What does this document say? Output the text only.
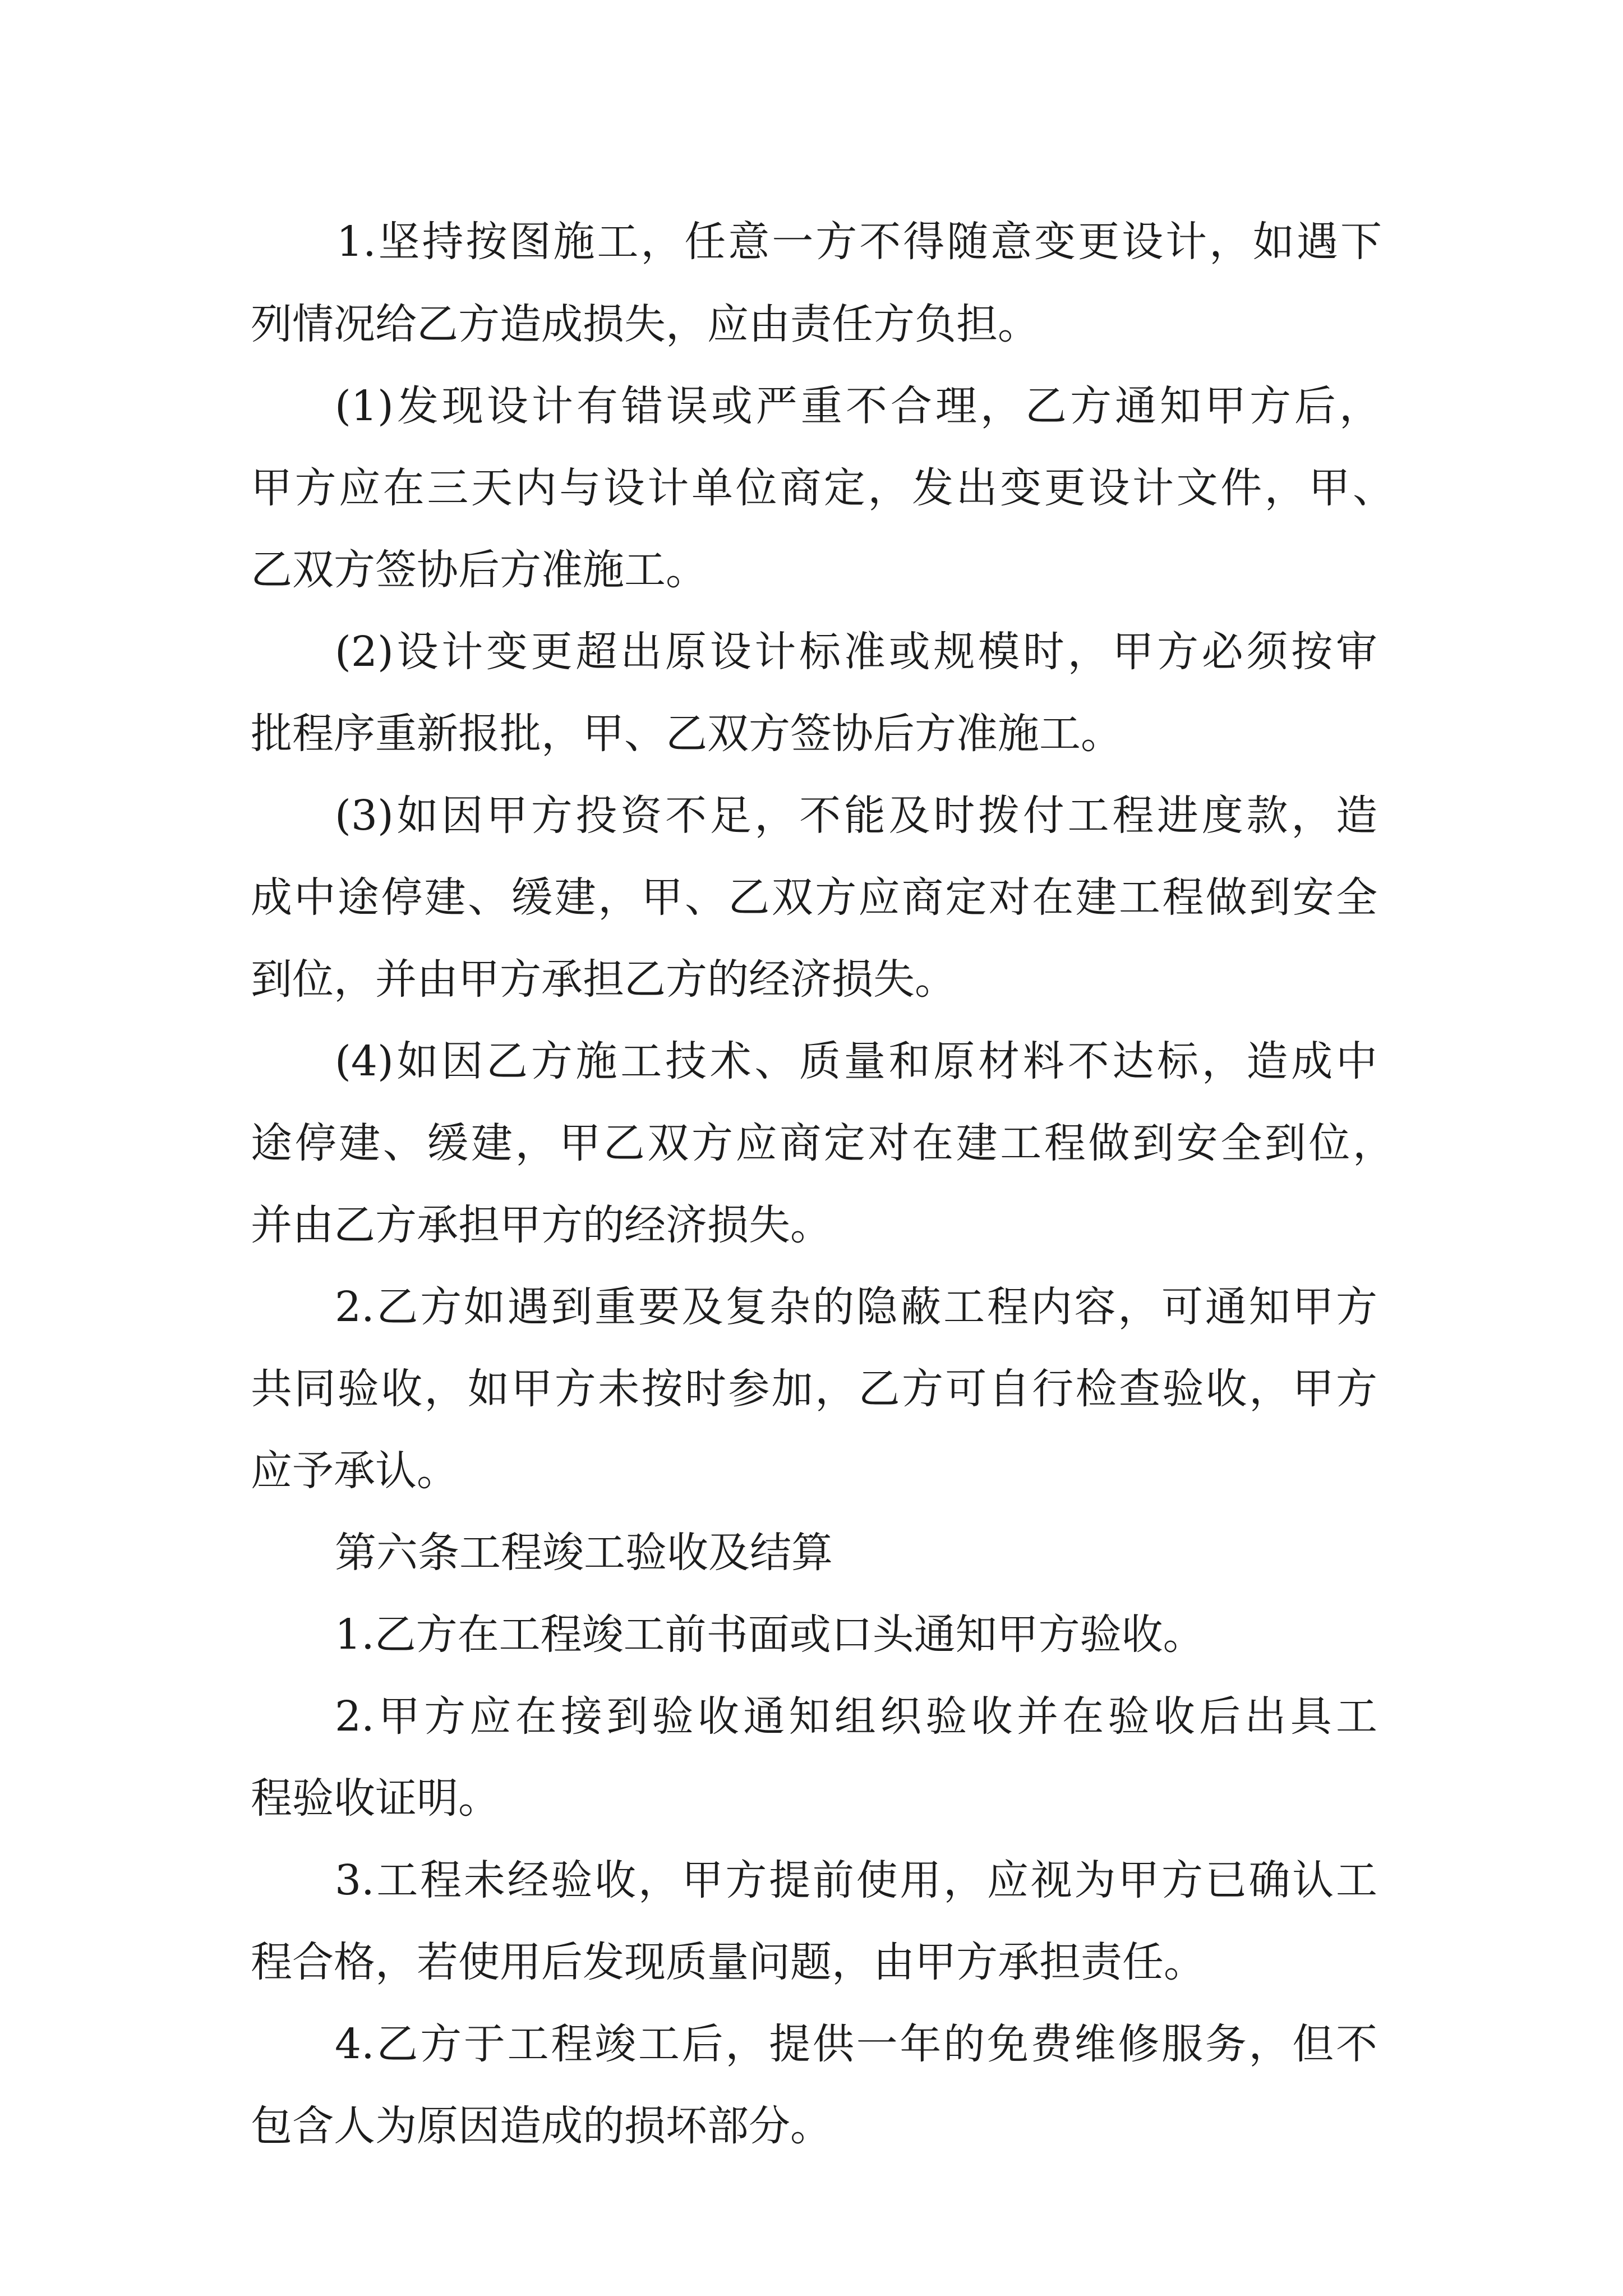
1.坚持按图施工，任意一方不得随意变更设计，如遇下
列情况给乙方造成损失，应由责任方负担。
(1)发现设计有错误或严重不合理，乙方通知甲方后，
甲方应在三天内与设计单位商定，发出变更设计文件，甲、
乙双方签协后方准施工。
(2)设计变更超出原设计标准或规模时，甲方必须按审
批程序重新报批，甲、乙双方签协后方准施工。
(3)如因甲方投资不足，不能及时拨付工程进度款，造
成中途停建、缓建，甲、乙双方应商定对在建工程做到安全
到位，并由甲方承担乙方的经济损失。
(4)如因乙方施工技术、质量和原材料不达标，造成中
途停建、缓建，甲乙双方应商定对在建工程做到安全到位，
并由乙方承担甲方的经济损失。
2.乙方如遇到重要及复杂的隐蔽工程内容，可通知甲方
共同验收，如甲方未按时参加，乙方可自行检查验收，甲方
应予承认。
第六条工程竣工验收及结算
1.乙方在工程竣工前书面或口头通知甲方验收。
2.甲方应在接到验收通知组织验收并在验收后出具工
程验收证明。
3.工程未经验收，甲方提前使用，应视为甲方已确认工
程合格，若使用后发现质量问题，由甲方承担责任。
4.乙方于工程竣工后，提供一年的免费维修服务，但不
包含人为原因造成的损坏部分。
